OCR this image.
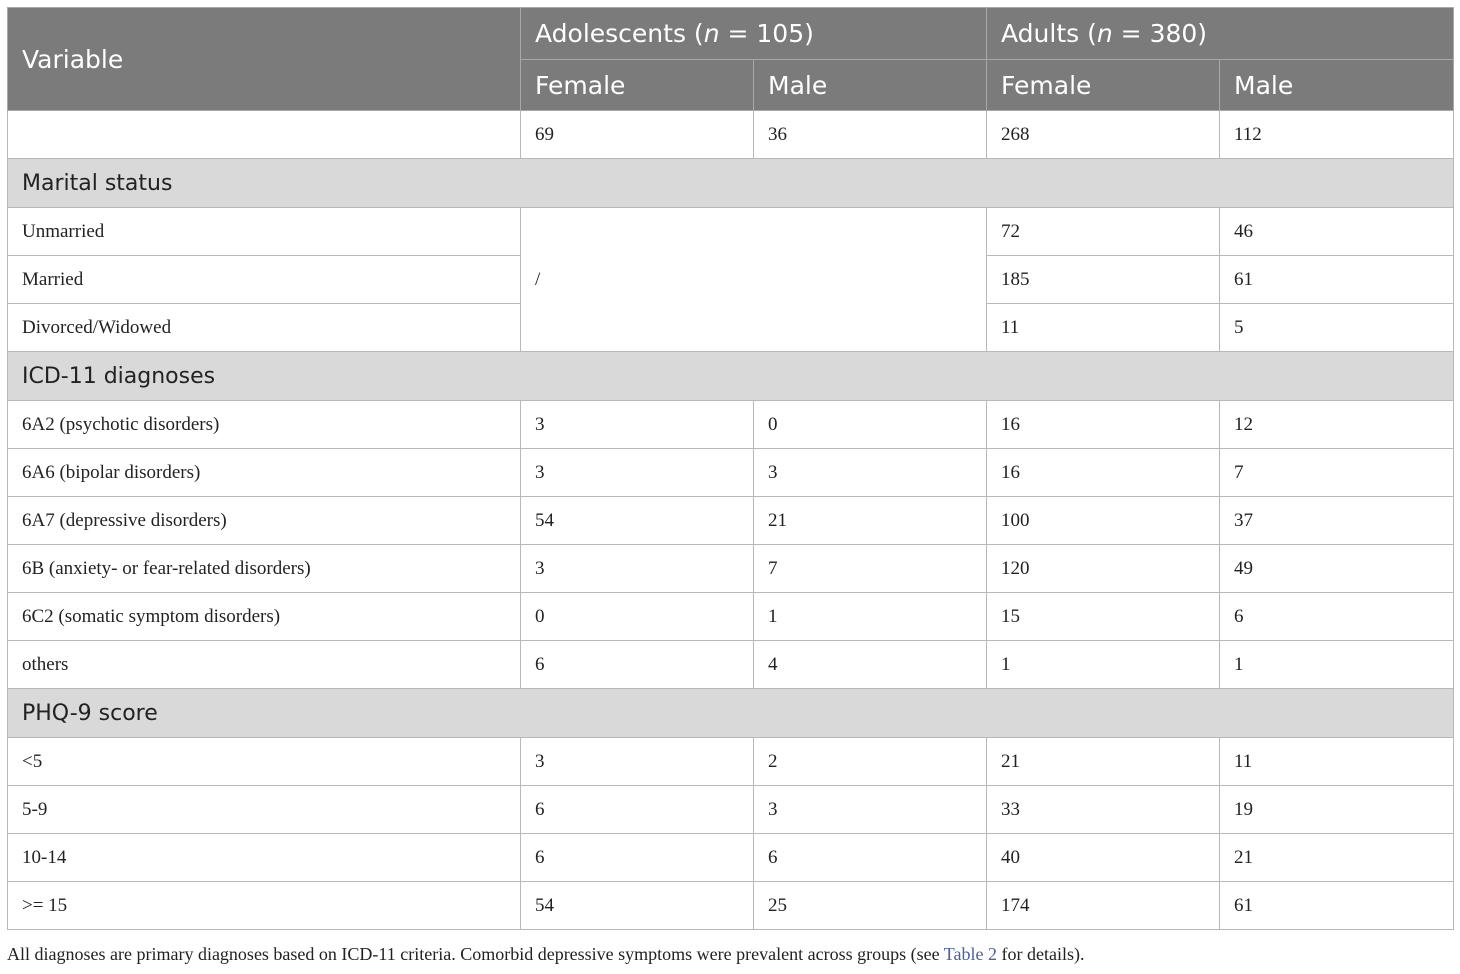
Variable	Adolescents (n = 105)		Adults (n = 380)	
	Female	Male	Female	Male
	69	36	268	112
Marital status				
Unmarried	/		72	46
Married			185	61
Divorced/Widowed			11	5
ICD-11 diagnoses				
6A2 (psychotic disorders)	3	0	16	12
6A6 (bipolar disorders)	3	3	16	7
6A7 (depressive disorders)	54	21	100	37
6B (anxiety- or fear-related disorders)	3	7	120	49
6C2 (somatic symptom disorders)	0	1	15	6
others	6	4	1	1
PHQ-9 score				
<5	3	2	21	11
5-9	6	3	33	19
10-14	6	6	40	21
>= 15	54	25	174	61
All diagnoses are primary diagnoses based on ICD-11 criteria. Comorbid depressive symptoms were prevalent across groups (see Table 2 for details).
